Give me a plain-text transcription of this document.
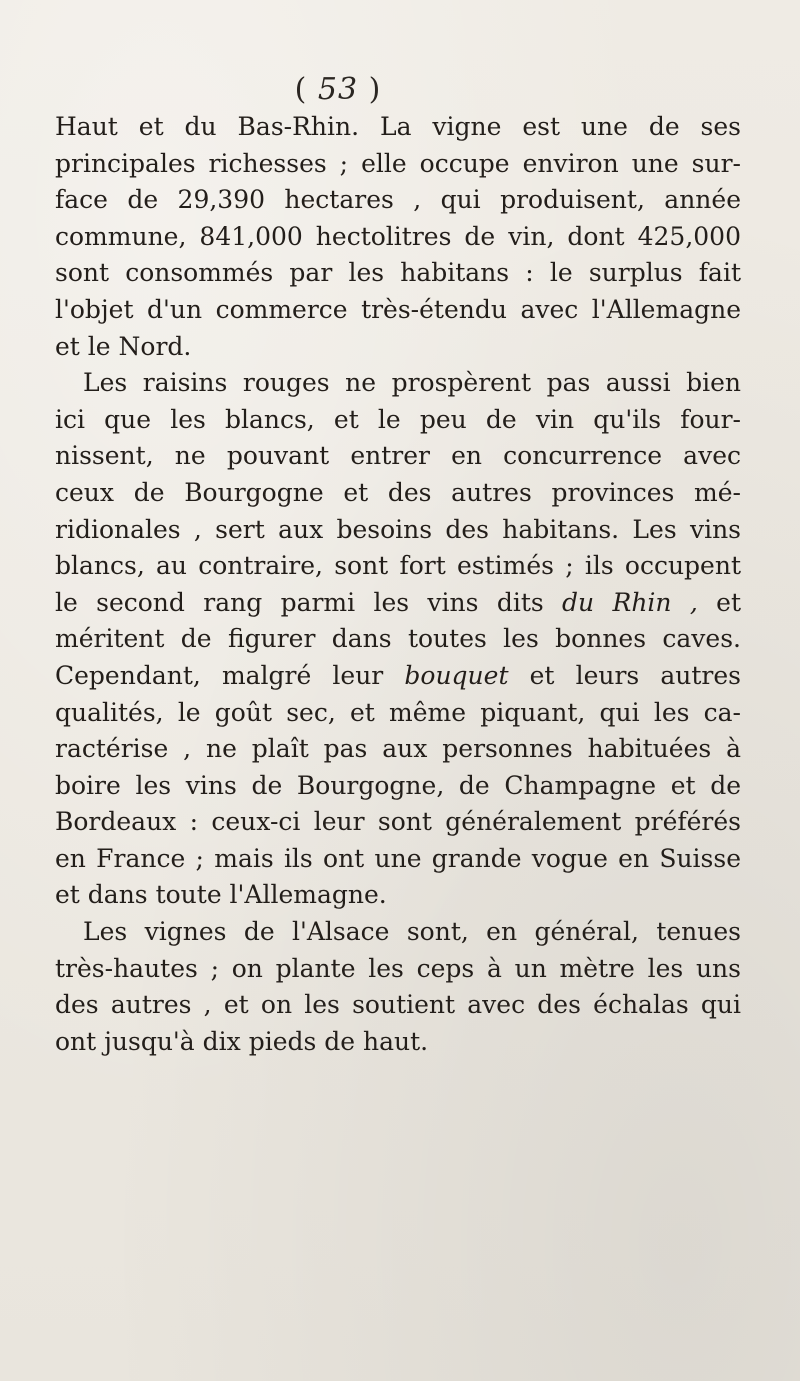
( 53 )
Haut et du Bas-Rhin. La vigne est une de ses
principales richesses ; elle occupe environ une sur-
face de 29,390 hectares , qui produisent, année
commune, 841,000 hectolitres de vin, dont 425,000
sont consommés par les habitans : le surplus fait
l'objet d'un commerce très-étendu avec l'Allemagne
et le Nord.
Les raisins rouges ne prospèrent pas aussi bien
ici que les blancs, et le peu de vin qu'ils four-
nissent, ne pouvant entrer en concurrence avec
ceux de Bourgogne et des autres provinces mé-
ridionales , sert aux besoins des habitans. Les vins
blancs, au contraire, sont fort estimés ; ils occupent
le second rang parmi les vins dits du Rhin , et
méritent de figurer dans toutes les bonnes caves.
Cependant, malgré leur bouquet et leurs autres
qualités, le goût sec, et même piquant, qui les ca-
ractérise , ne plaît pas aux personnes habituées à
boire les vins de Bourgogne, de Champagne et de
Bordeaux : ceux-ci leur sont généralement préférés
en France ; mais ils ont une grande vogue en Suisse
et dans toute l'Allemagne.
Les vignes de l'Alsace sont, en général, tenues
très-hautes ; on plante les ceps à un mètre les uns
des autres , et on les soutient avec des échalas qui
ont jusqu'à dix pieds de haut.
